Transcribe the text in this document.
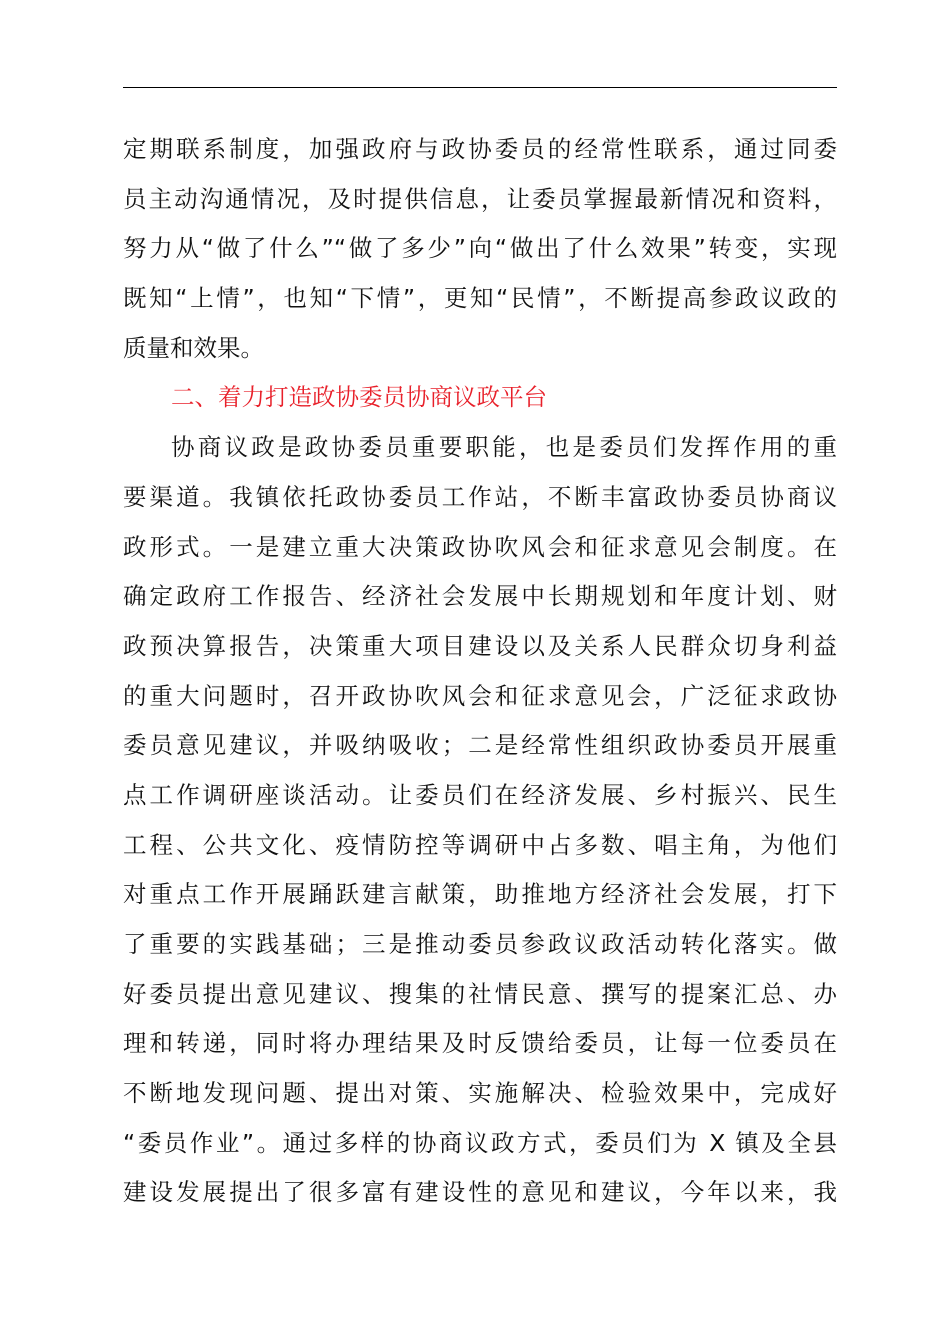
定期联系制度，加强政府与政协委员的经常性联系，通过同委
员主动沟通情况，及时提供信息，让委员掌握最新情况和资料，
努力从“做了什么”“做了多少”向“做出了什么效果”转变，实现
既知“上情”，也知“下情”，更知“民情”，不断提高参政议政的
质量和效果。
二、着力打造政协委员协商议政平台
协商议政是政协委员重要职能，也是委员们发挥作用的重
要渠道。我镇依托政协委员工作站，不断丰富政协委员协商议
政形式。一是建立重大决策政协吹风会和征求意见会制度。在
确定政府工作报告、经济社会发展中长期规划和年度计划、财
政预决算报告，决策重大项目建设以及关系人民群众切身利益
的重大问题时，召开政协吹风会和征求意见会，广泛征求政协
委员意见建议，并吸纳吸收；二是经常性组织政协委员开展重
点工作调研座谈活动。让委员们在经济发展、乡村振兴、民生
工程、公共文化、疫情防控等调研中占多数、唱主角，为他们
对重点工作开展踊跃建言献策，助推地方经济社会发展，打下
了重要的实践基础；三是推动委员参政议政活动转化落实。做
好委员提出意见建议、搜集的社情民意、撰写的提案汇总、办
理和转递，同时将办理结果及时反馈给委员，让每一位委员在
不断地发现问题、提出对策、实施解决、检验效果中，完成好
“委员作业”。通过多样的协商议政方式，委员们为 X 镇及全县
建设发展提出了很多富有建设性的意见和建议，今年以来，我
